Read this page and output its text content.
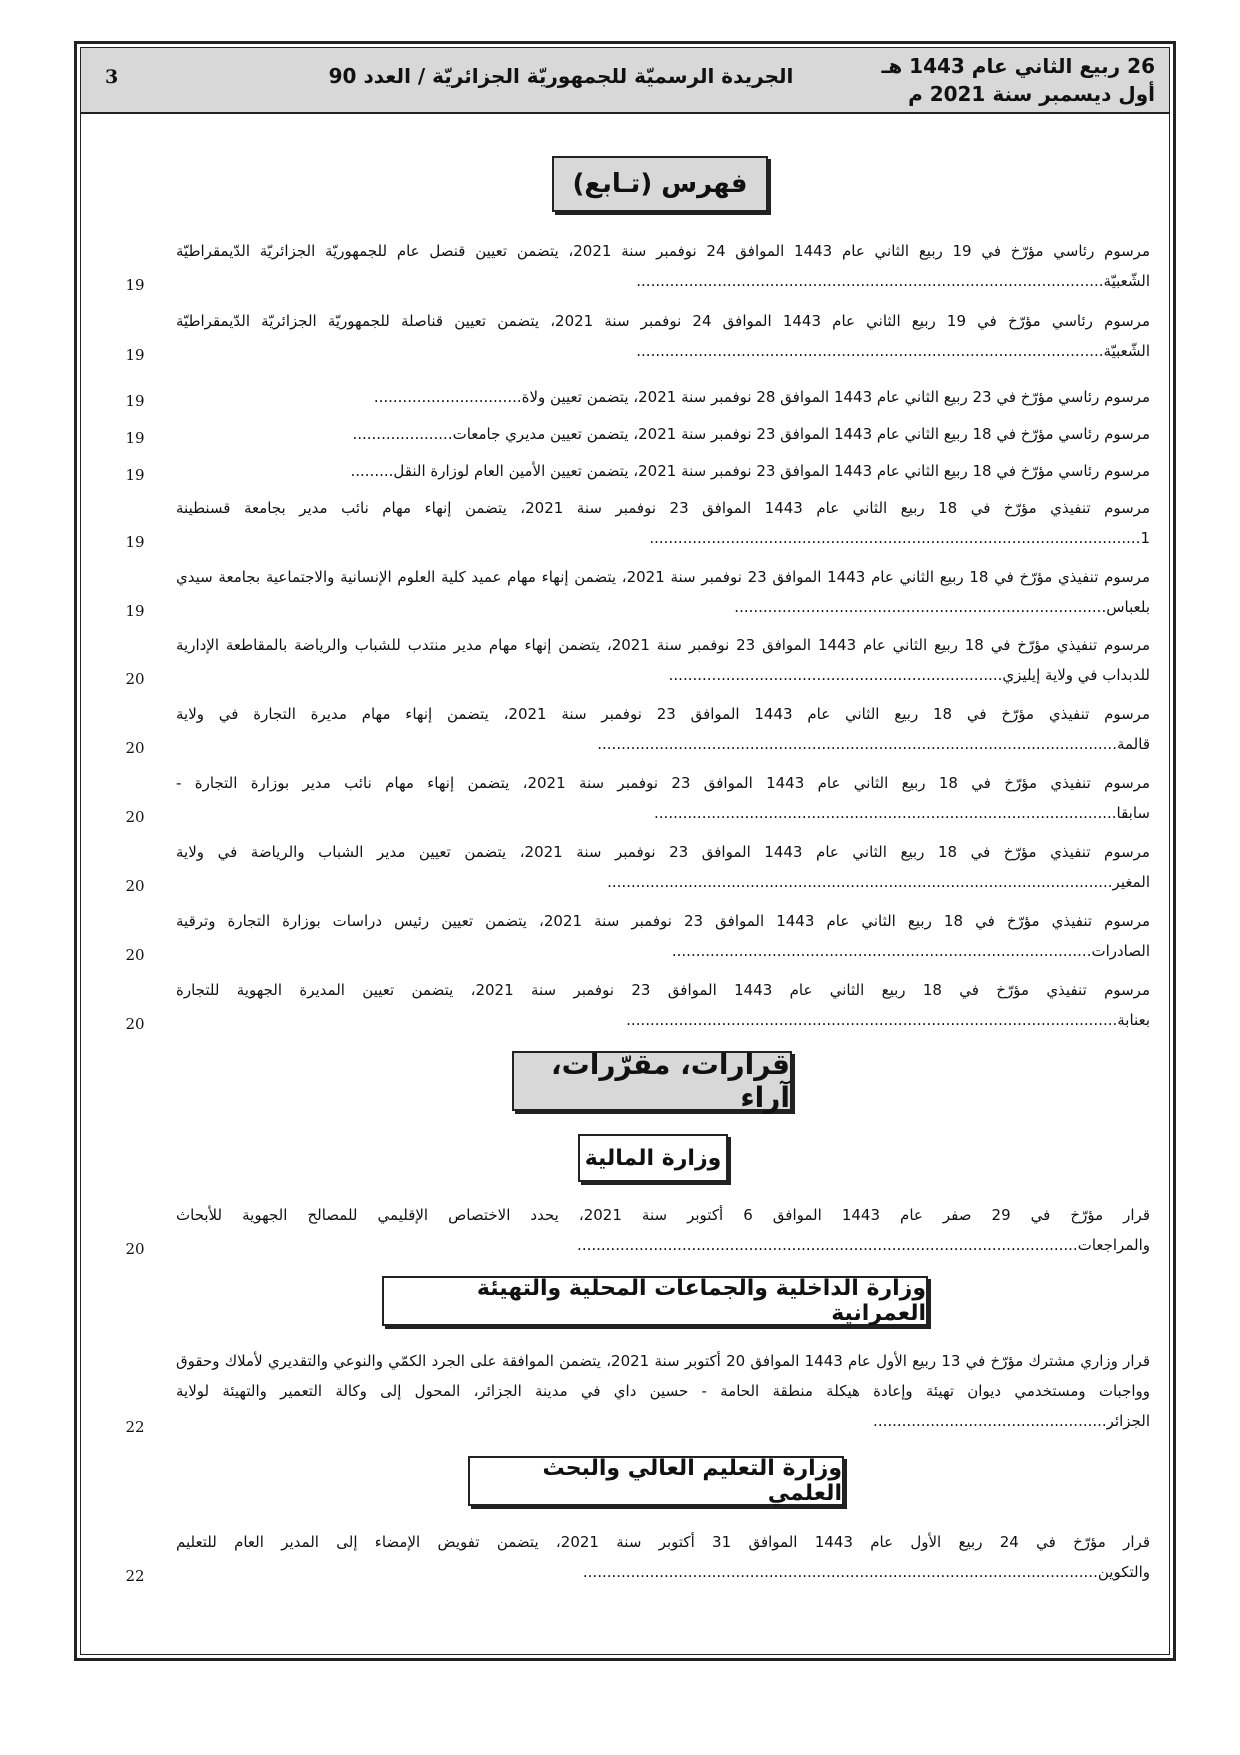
3	الجريدة الرسميّة للجمهوريّة الجزائريّة / العدد 90	26 ربيع الثاني عام 1443 هـ
أول ديسمبر سنة 2021 م
فهرس (تـابع)
مرسوم رئاسي مؤرّخ في 19 ربيع الثاني عام 1443 الموافق 24 نوفمبر سنة 2021، يتضمن تعيين قنصل عام للجمهوريّة الجزائريّة الدّيمقراطيّة الشّعبيّة..................................................................................................
19
مرسوم رئاسي مؤرّخ في 19 ربيع الثاني عام 1443 الموافق 24 نوفمبر سنة 2021، يتضمن تعيين قناصلة للجمهوريّة الجزائريّة الدّيمقراطيّة الشّعبيّة..................................................................................................
19
مرسوم رئاسي مؤرّخ في 23 ربيع الثاني عام 1443 الموافق 28 نوفمبر سنة 2021، يتضمن تعيين ولاة...............................
19
مرسوم رئاسي مؤرّخ في 18 ربيع الثاني عام 1443 الموافق 23 نوفمبر سنة 2021، يتضمن تعيين مديري جامعات.....................
19
مرسوم رئاسي مؤرّخ في 18 ربيع الثاني عام 1443 الموافق 23 نوفمبر سنة 2021، يتضمن تعيين الأمين العام لوزارة النقل.........
19
مرسوم تنفيذي مؤرّخ في 18 ربيع الثاني عام 1443 الموافق 23 نوفمبر سنة 2021، يتضمن إنهاء مهام نائب مدير بجامعة قسنطينة 1.......................................................................................................
19
مرسوم تنفيذي مؤرّخ في 18 ربيع الثاني عام 1443 الموافق 23 نوفمبر سنة 2021، يتضمن إنهاء مهام عميد كلية العلوم الإنسانية والاجتماعية بجامعة سيدي بلعباس..............................................................................
19
مرسوم تنفيذي مؤرّخ في 18 ربيع الثاني عام 1443 الموافق 23 نوفمبر سنة 2021، يتضمن إنهاء مهام مدير منتدب للشباب والرياضة بالمقاطعة الإدارية للدبداب في ولاية إيليزي......................................................................
20
مرسوم تنفيذي مؤرّخ في 18 ربيع الثاني عام 1443 الموافق 23 نوفمبر سنة 2021، يتضمن إنهاء مهام مديرة التجارة في ولاية قالمة.............................................................................................................
20
مرسوم تنفيذي مؤرّخ في 18 ربيع الثاني عام 1443 الموافق 23 نوفمبر سنة 2021، يتضمن إنهاء مهام نائب مدير بوزارة التجارة - سابقا.................................................................................................
20
مرسوم تنفيذي مؤرّخ في 18 ربيع الثاني عام 1443 الموافق 23 نوفمبر سنة 2021، يتضمن تعيين مدير الشباب والرياضة في ولاية المغير..........................................................................................................
20
مرسوم تنفيذي مؤرّخ في 18 ربيع الثاني عام 1443 الموافق 23 نوفمبر سنة 2021، يتضمن تعيين رئيس دراسات بوزارة التجارة وترقية الصادرات........................................................................................
20
مرسوم تنفيذي مؤرّخ في 18 ربيع الثاني عام 1443 الموافق 23 نوفمبر سنة 2021، يتضمن تعيين المديرة الجهوية للتجارة بعنابة.......................................................................................................
20
قرارات، مقرّرات، آراء
وزارة المالية
قرار مؤرّخ في 29 صفر عام 1443 الموافق 6 أكتوبر سنة 2021، يحدد الاختصاص الإقليمي للمصالح الجهوية للأبحاث والمراجعات.........................................................................................................
20
وزارة الداخلية والجماعات المحلية والتهيئة العمرانية
قرار وزاري مشترك مؤرّخ في 13 ربيع الأول عام 1443 الموافق 20 أكتوبر سنة 2021، يتضمن الموافقة على الجرد الكمّي والنوعي والتقديري لأملاك وحقوق وواجبات ومستخدمي ديوان تهيئة وإعادة هيكلة منطقة الحامة - حسين داي في مدينة الجزائر، المحول إلى وكالة التعمير والتهيئة لولاية الجزائر.................................................
22
وزارة التعليم العالي والبحث العلمي
قرار مؤرّخ في 24 ربيع الأول عام 1443 الموافق 31 أكتوبر سنة 2021، يتضمن تفويض الإمضاء إلى المدير العام للتعليم والتكوين............................................................................................................
22
